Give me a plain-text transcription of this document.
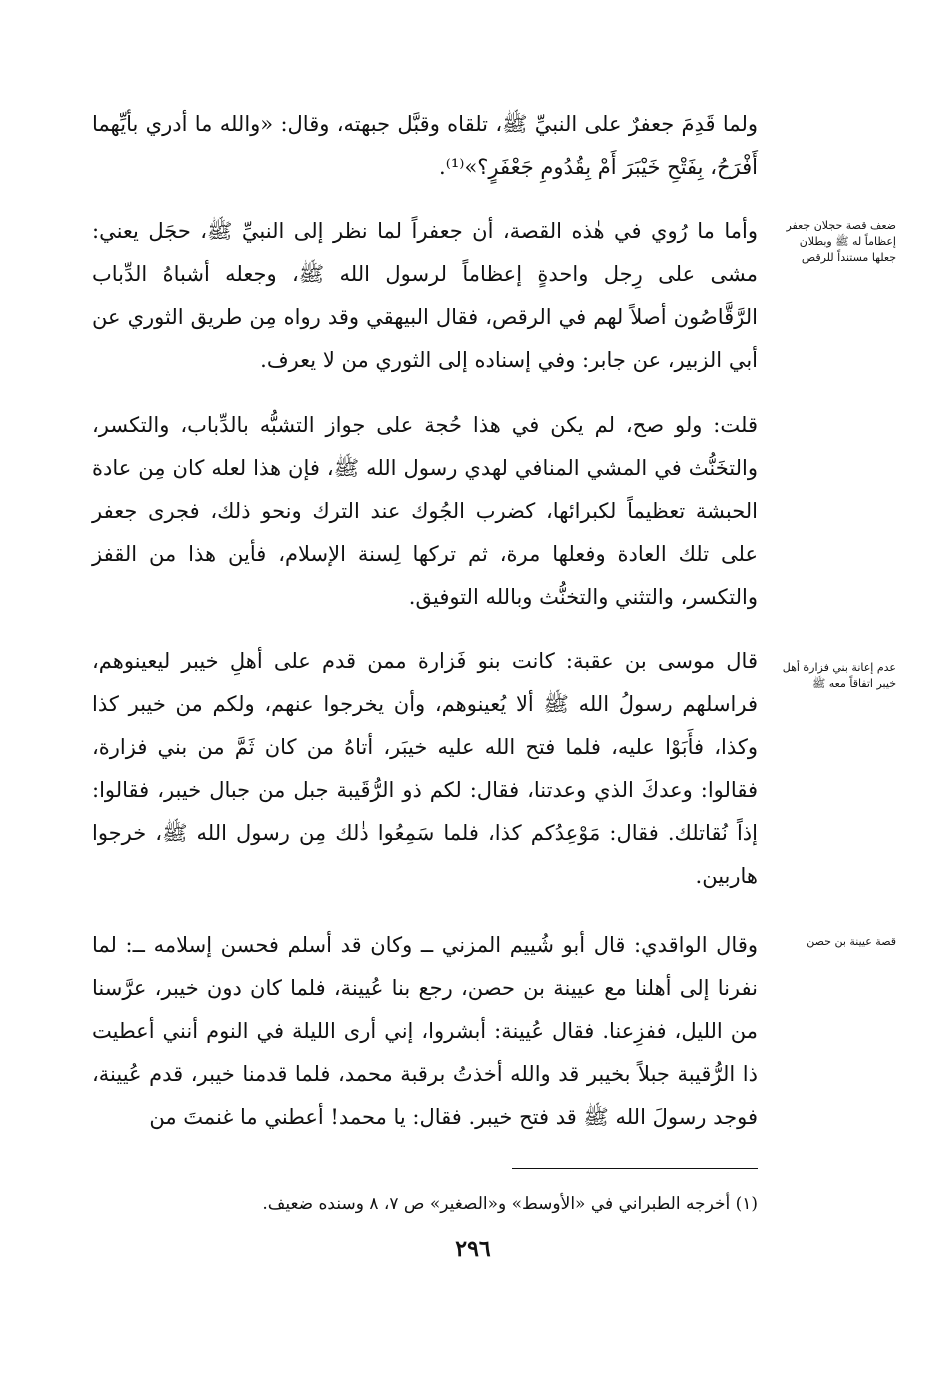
ولما قَدِمَ جعفرٌ على النبيِّ ﷺ، تلقاه وقبَّل جبهته، وقال: «والله ما أدري بأيِّهما أَفْرَحُ، بِفَتْحِ خَيْبَرَ أَمْ بِقُدُومِ جَعْفَرٍ؟»⁽¹⁾.

ضعف قصة حجلان جعفر إعظاماً له ﷺ وبطلان جعلها مستنداً للرقص

وأما ما رُوي في هٰذه القصة، أن جعفراً لما نظر إلى النبيِّ ﷺ، حجَل يعني: مشى على رِجل واحدةٍ إعظاماً لرسول الله ﷺ، وجعله أشباهُ الدِّباب الرَّقَّاصُون أصلاً لهم في الرقص، فقال البيهقي وقد رواه مِن طريق الثوري عن أبي الزبير، عن جابر: وفي إسناده إلى الثوري من لا يعرف.

قلت: ولو صح، لم يكن في هذا حُجة على جواز التشبُّه بالدِّباب، والتكسر، والتخَنُّث في المشي المنافي لهدي رسول الله ﷺ، فإن هذا لعله كان مِن عادة الحبشة تعظيماً لكبرائها، كضرب الجُوك عند الترك ونحو ذلك، فجرى جعفر على تلك العادة وفعلها مرة، ثم تركها لِسنة الإسلام، فأين هذا من القفز والتكسر، والتثني والتخنُّث وبالله التوفيق.

عدم إعانة بني فزارة أهل خيبر اتفاقاً معه ﷺ

قال موسى بن عقبة: كانت بنو فَزارة ممن قدم على أهلِ خيبر ليعينوهم، فراسلهم رسولُ الله ﷺ ألا يُعينوهم، وأن يخرجوا عنهم، ولكم من خيبر كذا وكذا، فأَبَوْا عليه، فلما فتح الله عليه خيبَر، أتاهُ من كان ثَمَّ من بني فزارة، فقالوا: وعدكَ الذي وعدتنا، فقال: لكم ذو الرُّقَيبة جبل من جبال خيبر، فقالوا: إذاً نُقاتلك. فقال: مَوْعِدُكم كذا، فلما سَمِعُوا ذٰلك مِن رسول الله ﷺ، خرجوا هاربين.

قصة عيينة بن حصن

وقال الواقدي: قال أبو شُييم المزني ــ وكان قد أسلم فحسن إسلامه ــ: لما نفرنا إلى أهلنا مع عيينة بن حصن، رجع بنا عُيينة، فلما كان دون خيبر، عرَّسنا من الليل، ففزِعنا. فقال عُيينة: أبشروا، إني أرى الليلة في النوم أنني أعطيت ذا الرُّقيبة جبلاً بخيبر قد والله أخذتُ برقبة محمد، فلما قدمنا خيبر، قدم عُيينة، فوجد رسولَ الله ﷺ قد فتح خيبر. فقال: يا محمد! أعطني ما غنمتَ من

(١) أخرجه الطبراني في «الأوسط» و«الصغير» ص ٧، ٨ وسنده ضعيف.

٢٩٦
